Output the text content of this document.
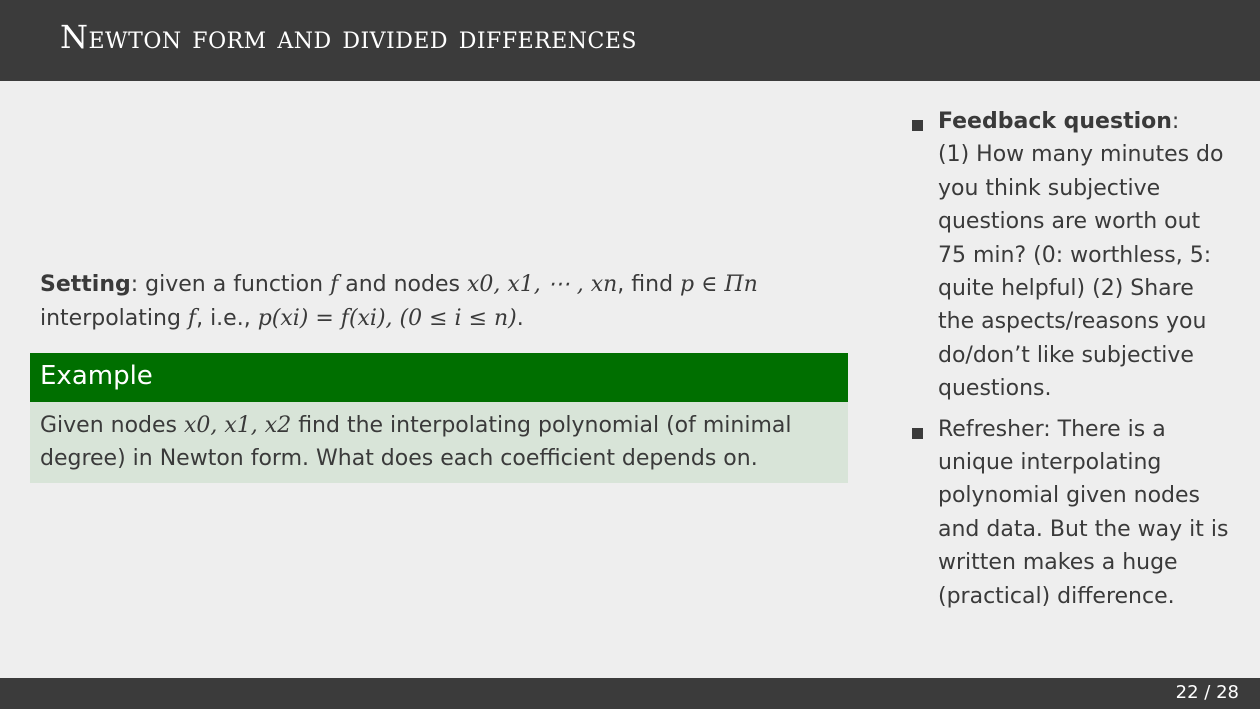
Newton form and divided differences

Setting: given a function f and nodes x0, x1, ⋯ , xn, find p ∈ Πn
interpolating f, i.e., p(xi) = f(xi), (0 ≤ i ≤ n).

Example
Given nodes x0, x1, x2 find the interpolating polynomial (of minimal degree) in Newton form. What does each coefficient depends on.
Feedback question:
(1) How many minutes do you think subjective questions are worth out 75 min? (0: worthless, 5: quite helpful) (2) Share the aspects/reasons you do/don’t like subjective questions.
Refresher: There is a unique interpolating polynomial given nodes and data. But the way it is written makes a huge (practical) difference.
22 / 28
